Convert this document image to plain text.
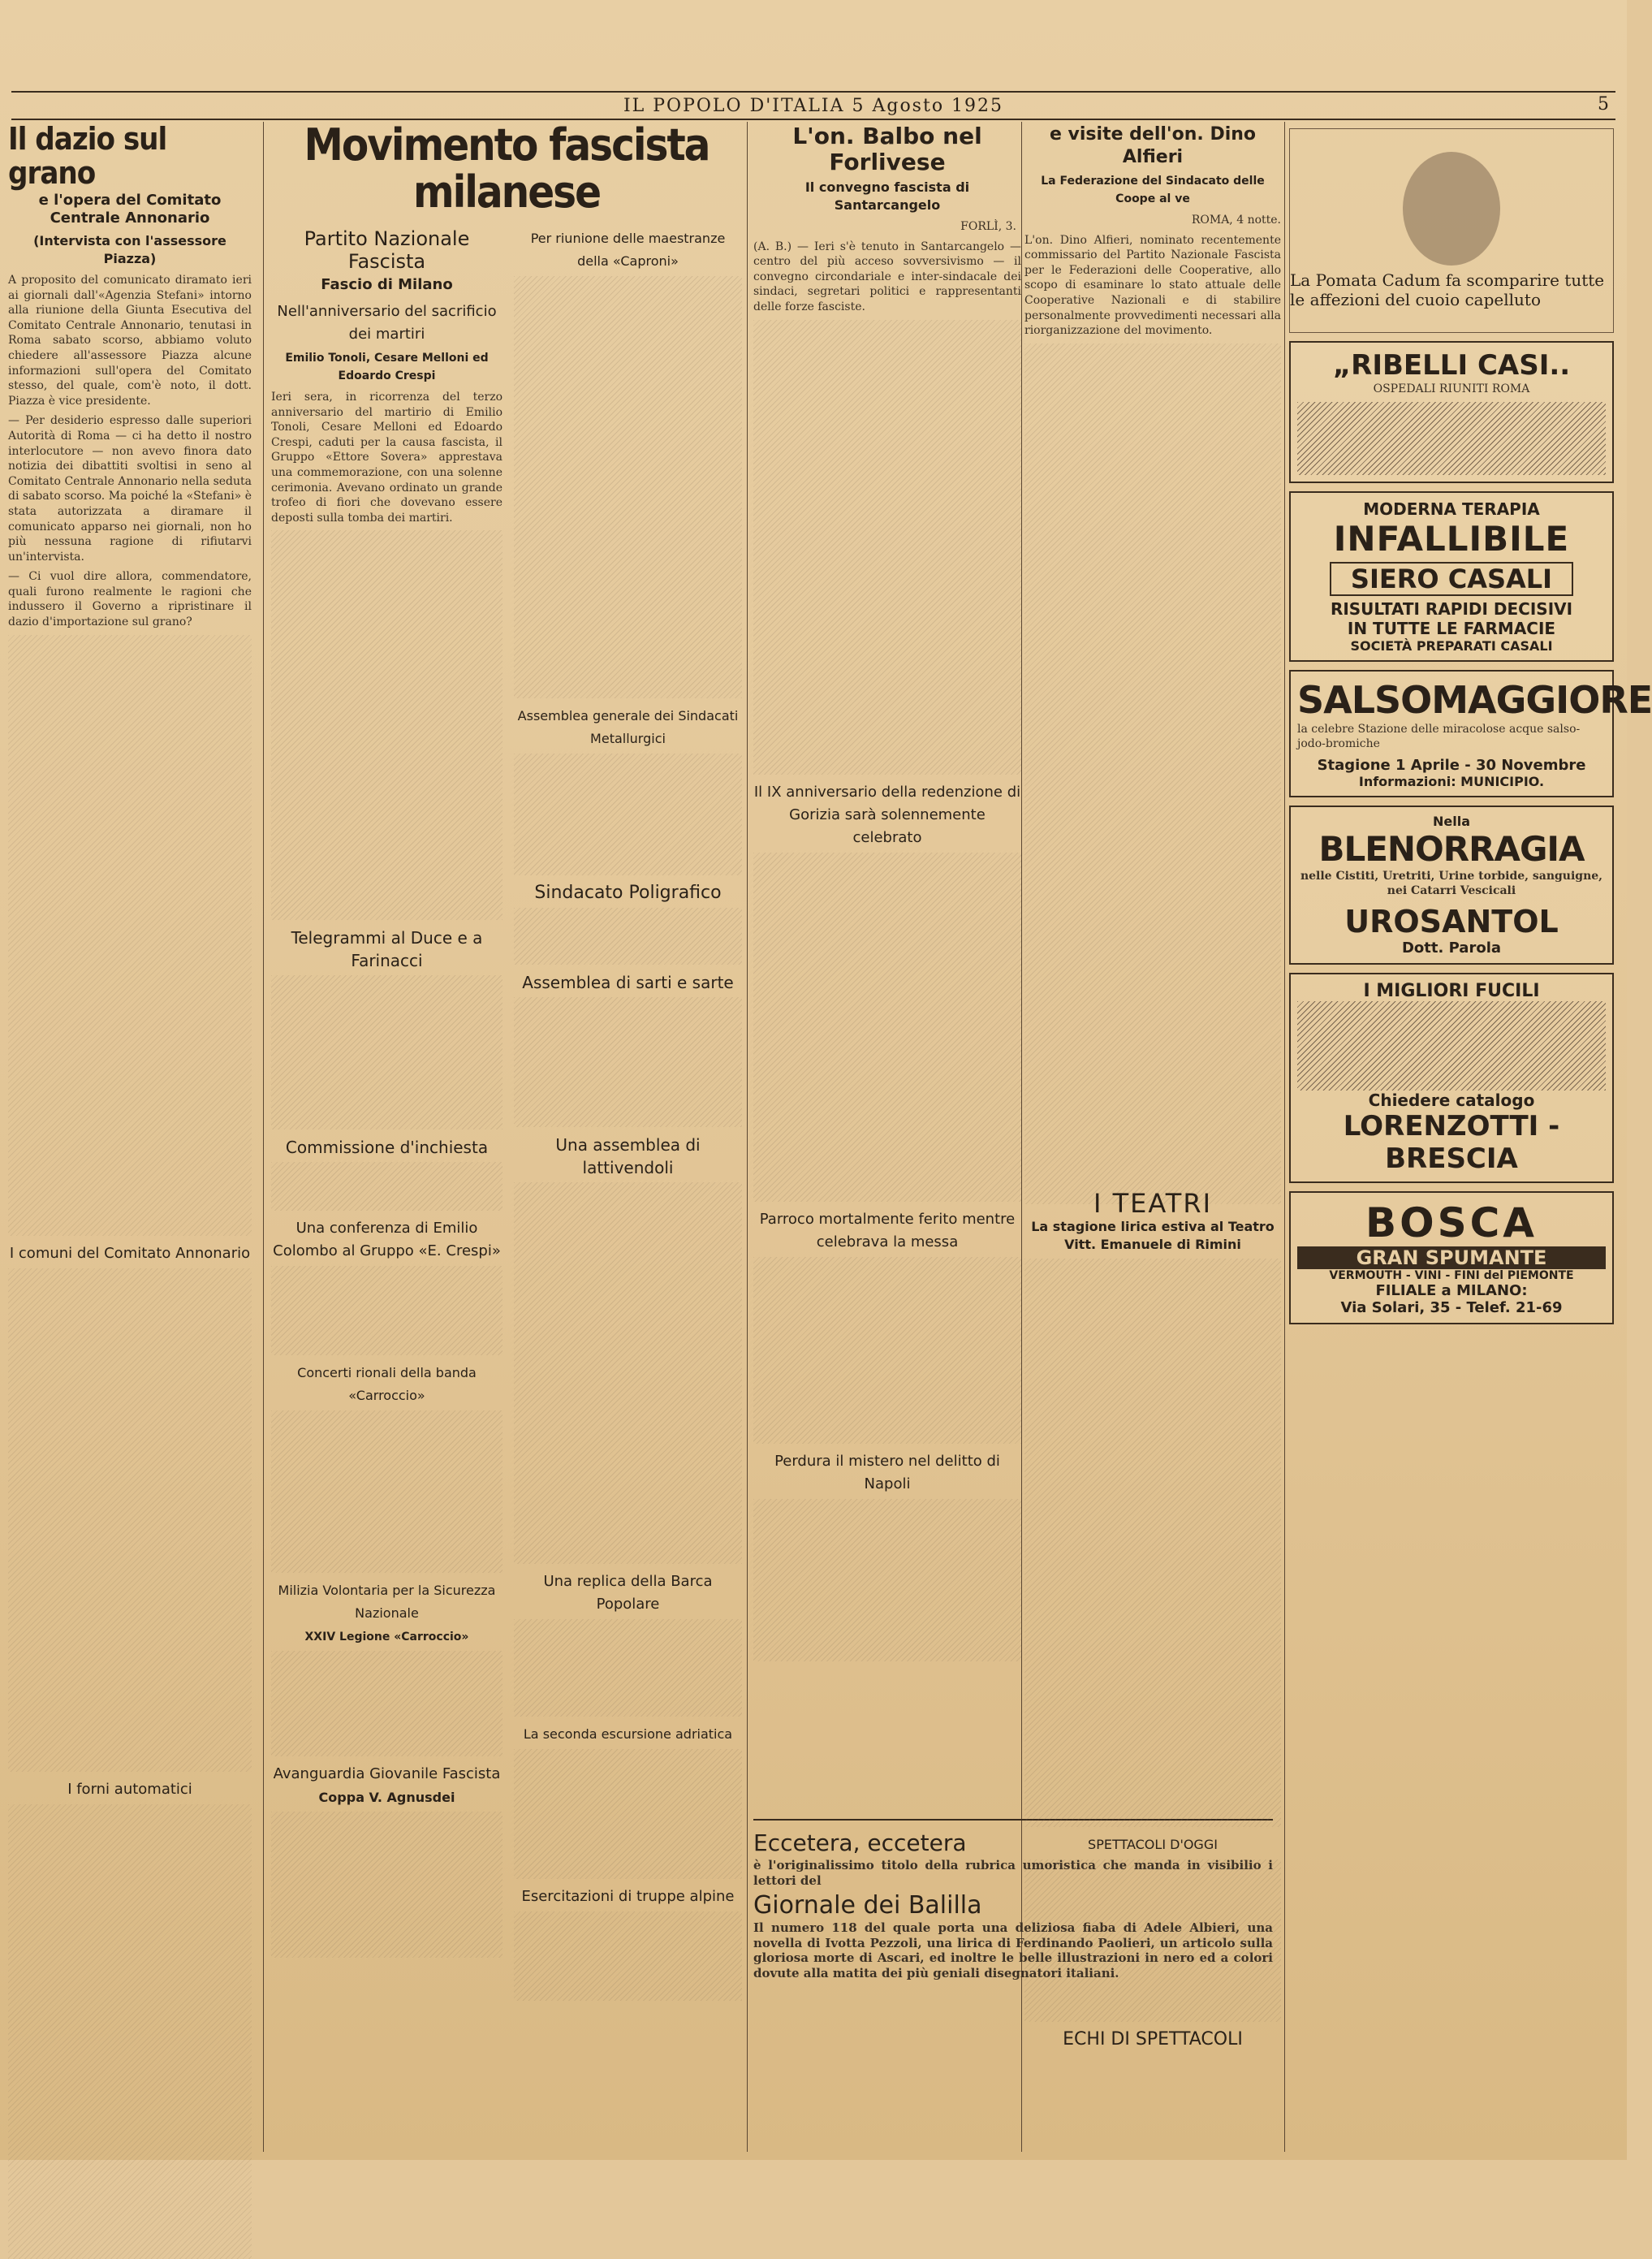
IL POPOLO D'ITALIA 5 Agosto 1925	5
Il dazio sul grano
e l'opera del Comitato Centrale Annonario
(Intervista con l'assessore Piazza)

A proposito del comunicato diramato ieri ai giornali dall'«Agenzia Stefani» intorno alla riunione della Giunta Esecutiva del Comitato Centrale Annonario, tenutasi in Roma sabato scorso, abbiamo voluto chiedere all'assessore Piazza alcune informazioni sull'opera del Comitato stesso, del quale, com'è noto, il dott. Piazza è vice presidente.

— Per desiderio espresso dalle superiori Autorità di Roma — ci ha detto il nostro interlocutore — non avevo finora dato notizia dei dibattiti svoltisi in seno al Comitato Centrale Annonario nella seduta di sabato scorso. Ma poiché la «Stefani» è stata autorizzata a diramare il comunicato apparso nei giornali, non ho più nessuna ragione di rifiutarvi un'intervista.

— Ci vuol dire allora, commendatore, quali furono realmente le ragioni che indussero il Governo a ripristinare il dazio d'importazione sul grano?

I comuni del Comitato Annonario
I forni automatici
Movimento fascista milanese
Partito Nazionale Fascista
Fascio di Milano
Nell'anniversario del sacrificio dei martiri
Emilio Tonoli, Cesare Melloni ed Edoardo Crespi

Ieri sera, in ricorrenza del terzo anniversario del martirio di Emilio Tonoli, Cesare Melloni ed Edoardo Crespi, caduti per la causa fascista, il Gruppo «Ettore Sovera» apprestava una commemorazione, con una solenne cerimonia. Avevano ordinato un grande trofeo di fiori che dovevano essere deposti sulla tomba dei martiri.

Telegrammi al Duce e a Farinacci
Commissione d'inchiesta
Una conferenza di Emilio Colombo al Gruppo «E. Crespi»
Concerti rionali della banda «Carroccio»
Milizia Volontaria per la Sicurezza Nazionale
XXIV Legione «Carroccio»
Avanguardia Giovanile Fascista
Coppa V. Agnusdei
Per riunione delle maestranze della «Caproni»
Assemblea generale dei Sindacati Metallurgici
Sindacato Poligrafico
Assemblea di sarti e sarte
Una assemblea di lattivendoli
Una replica della Barca Popolare
La seconda escursione adriatica
Esercitazioni di truppe alpine
L'on. Balbo nel Forlivese
Il convegno fascista di Santarcangelo
FORLÌ, 3.

(A. B.) — Ieri s'è tenuto in Santarcangelo — centro del più acceso sovversivismo — il convegno circondariale e inter-sindacale dei sindaci, segretari politici e rappresentanti delle forze fasciste.

Il IX anniversario della redenzione di Gorizia sarà solennemente celebrato
Parroco mortalmente ferito mentre celebrava la messa
Perdura il mistero nel delitto di Napoli
e visite dell'on. Dino Alfieri
La Federazione del Sindacato delle Coope al ve
ROMA, 4 notte.

L'on. Dino Alfieri, nominato recentemente commissario del Partito Nazionale Fascista per le Federazioni delle Cooperative, allo scopo di esaminare lo stato attuale delle Cooperative Nazionali e di stabilire personalmente provvedimenti necessari alla riorganizzazione del movimento.

Eccetera, eccetera
è l'originalissimo titolo della rubrica umoristica che manda in visibilio i lettori del
Giornale dei Balilla
Il numero 118 del quale porta una deliziosa fiaba di Adele Albieri, una novella di Ivotta Pezzoli, una lirica di Ferdinando Paolieri, un articolo sulla gloriosa morte di Ascari, ed inoltre le belle illustrazioni in nero ed a colori dovute alla matita dei più geniali disegnatori italiani.
I TEATRI
La stagione lirica estiva al Teatro Vitt. Emanuele di Rimini
SPETTACOLI D'OGGI
ECHI DI SPETTACOLI
La Pomata Cadum fa scomparire tutte le affezioni del cuoio capelluto
„RIBELLI CASI..
OSPEDALI RIUNITI ROMA
MODERNA TERAPIA
INFALLIBILE
SIERO CASALI
RISULTATI RAPIDI DECISIVI
IN TUTTE LE FARMACIE
SOCIETÀ PREPARATI CASALI
SALSOMAGGIORE
la celebre Stazione delle miracolose acque salso-jodo-bromiche
Stagione 1 Aprile - 30 Novembre
Informazioni: MUNICIPIO.
Nella
BLENORRAGIA
nelle Cistiti, Uretriti, Urine torbide, sanguigne, nei Catarri Vescicali
UROSANTOL
Dott. Parola
I MIGLIORI FUCILI
Chiedere catalogo
LORENZOTTI - BRESCIA
BOSCA
GRAN SPUMANTE
VERMOUTH - VINI - FINI del PIEMONTE
FILIALE a MILANO:
Via Solari, 35 - Telef. 21-69
